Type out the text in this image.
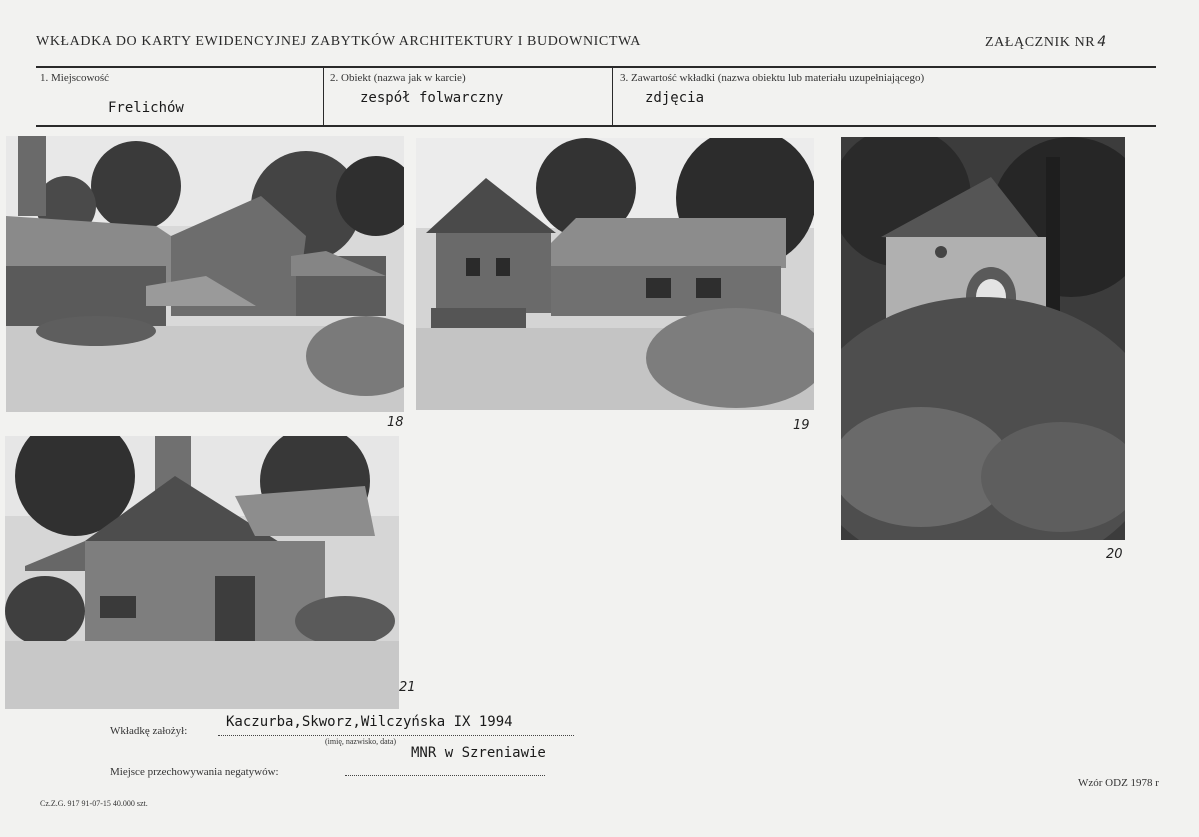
WKŁADKA DO KARTY EWIDENCYJNEJ ZABYTKÓW ARCHITEKTURY I BUDOWNICTWA	ZAŁĄCZNIK NR 4
1. Miejscowość
Frelichów
2. Obiekt (nazwa jak w karcie)
zespół folwarczny
3. Zawartość wkładki (nazwa obiektu lub materiału uzupełniającego)
zdjęcia
18	19
20
21
Wkładkę założył:
Kaczurba,Skworz,Wilczyńska IX 1994
(imię, nazwisko, data)
MNR w Szreniawie
Miejsce przechowywania negatywów:
Cz.Z.G. 917 91-07-15 40.000 szt.
Wzór ODZ 1978 r
